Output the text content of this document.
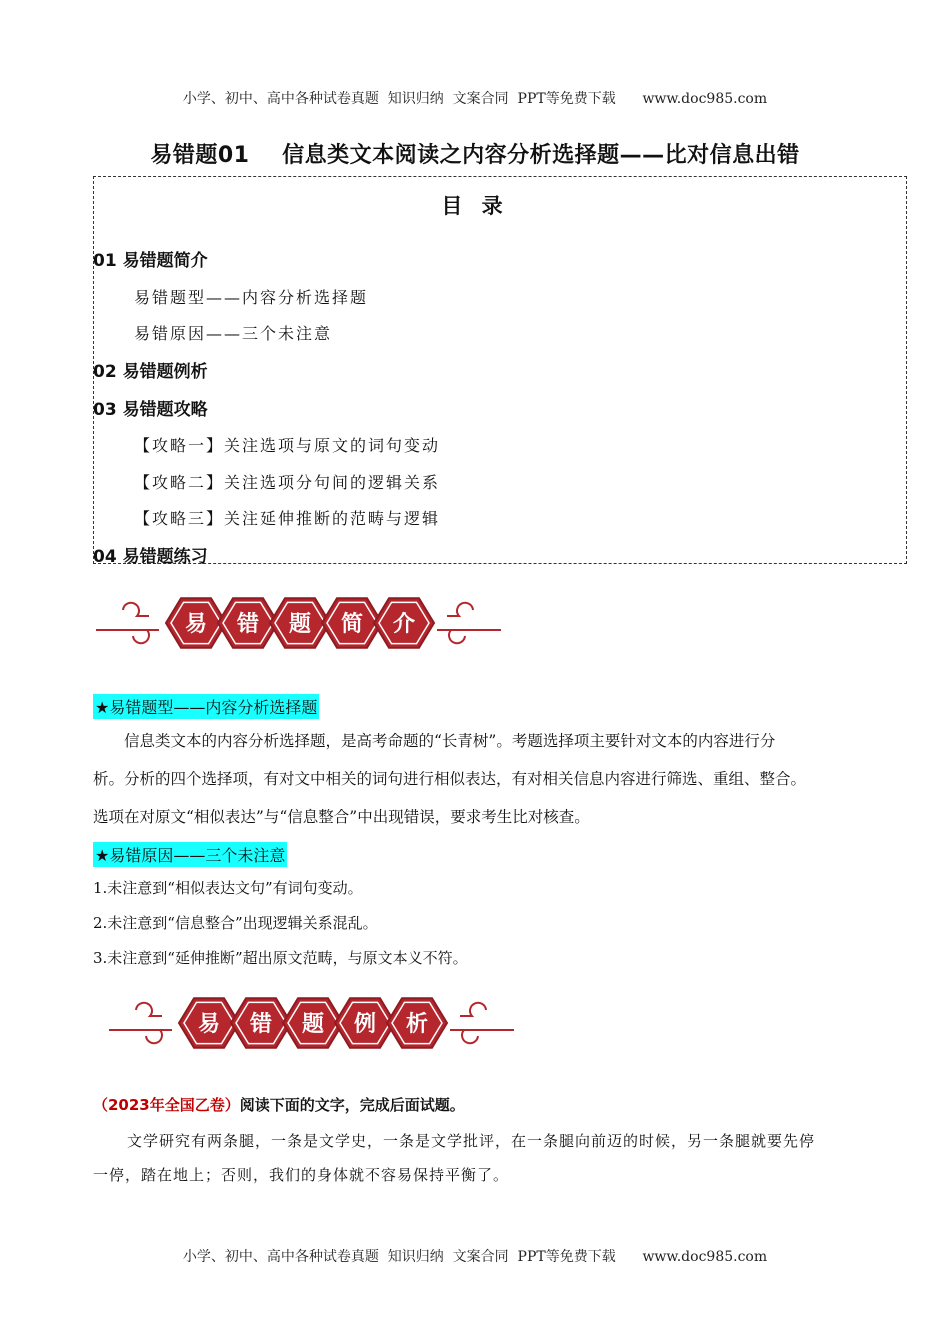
小学、初中、高中各种试卷真题  知识归纳  文案合同  PPT等免费下载      www.doc985.com
易错题01    信息类文本阅读之内容分析选择题——比对信息出错
目 录
01 易错题简介
易错题型——内容分析选择题
易错原因——三个未注意
02 易错题例析
03 易错题攻略
【攻略一】关注选项与原文的词句变动
【攻略二】关注选项分句间的逻辑关系
【攻略三】关注延伸推断的范畴与逻辑
04 易错题练习
易 错 题 简 介
★易错题型——内容分析选择题

信息类文本的内容分析选择题，是高考命题的“长青树”。考题选择项主要针对文本的内容进行分

析。分析的四个选择项，有对文中相关的词句进行相似表达，有对相关信息内容进行筛选、重组、整合。

选项在对原文“相似表达”与“信息整合”中出现错误，要求考生比对核查。

★易错原因——三个未注意
1.未注意到“相似表达文句”有词句变动。
2.未注意到“信息整合”出现逻辑关系混乱。
3.未注意到“延伸推断”超出原文范畴，与原文本义不符。
易 错 题 例 析
（2023年全国乙卷）阅读下面的文字，完成后面试题。

文学研究有两条腿，一条是文学史，一条是文学批评，在一条腿向前迈的时候，另一条腿就要先停

一停，踏在地上；否则，我们的身体就不容易保持平衡了。

小学、初中、高中各种试卷真题  知识归纳  文案合同  PPT等免费下载      www.doc985.com
